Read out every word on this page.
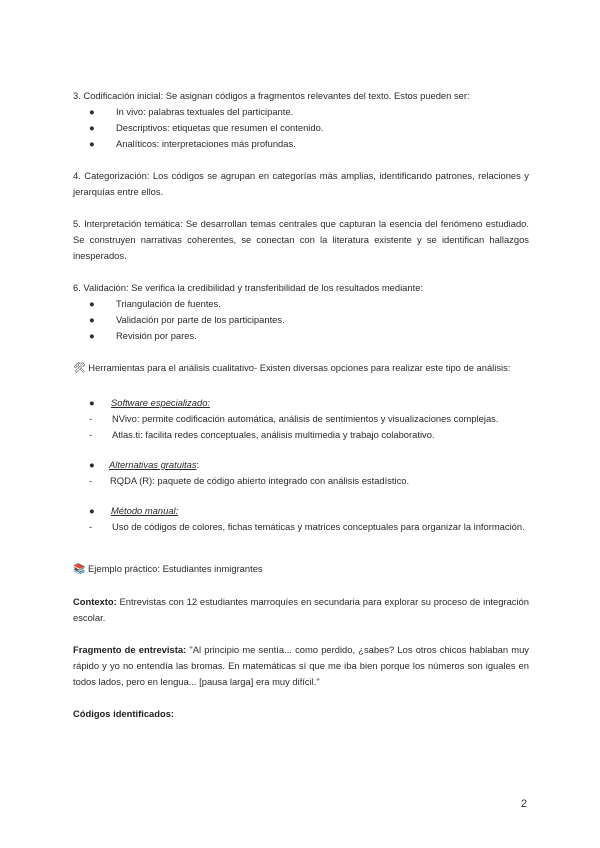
3. Codificación inicial: Se asignan códigos a fragmentos relevantes del texto. Estos pueden ser:

●	In vivo: palabras textuales del participante.
●	Descriptivos: etiquetas que resumen el contenido.
●	Analíticos: interpretaciones más profundas.

4. Categorización: Los códigos se agrupan en categorías más amplias, identificando patrones, relaciones y jerarquías entre ellos.

5. Interpretación temática: Se desarrollan temas centrales que capturan la esencia del fenómeno estudiado. Se construyen narrativas coherentes, se conectan con la literatura existente y se identifican hallazgos inesperados.

6. Validación: Se verifica la credibilidad y transferibilidad de los resultados mediante:

●	Triangulación de fuentes.
●	Validación por parte de los participantes.
●	Revisión por pares.

🛠 Herramientas para el análisis cualitativo- Existen diversas opciones para realizar este tipo de análisis:

●	Software especializado:
-	NVivo: permite codificación automática, análisis de sentimientos y visualizaciones complejas.
-	Atlas.ti: facilita redes conceptuales, análisis multimedia y trabajo colaborativo.
●	Alternativas gratuitas:
-	RQDA (R): paquete de código abierto integrado con análisis estadístico.
●	Método manual:
-	Uso de códigos de colores, fichas temáticas y matrices conceptuales para organizar la información.

📚 Ejemplo práctico: Estudiantes inmigrantes

Contexto: Entrevistas con 12 estudiantes marroquíes en secundaria para explorar su proceso de integración escolar.

Fragmento de entrevista: "Al principio me sentía... como perdido, ¿sabes? Los otros chicos hablaban muy rápido y yo no entendía las bromas. En matemáticas sí que me iba bien porque los números son iguales en todos lados, pero en lengua... [pausa larga] era muy difícil."

Códigos identificados:

2
